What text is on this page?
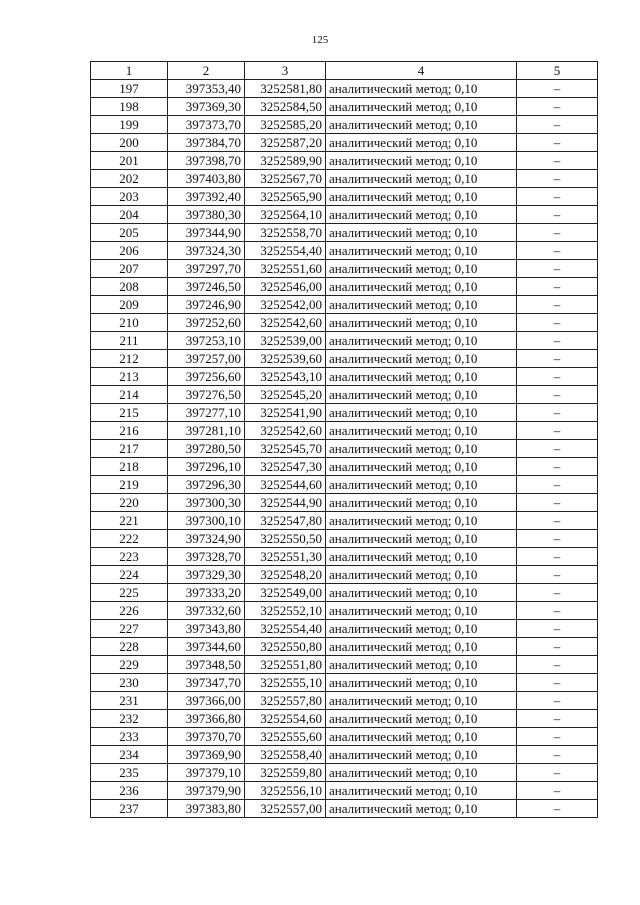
125
1	2	3	4	5
197	397353,40	3252581,80	аналитический метод; 0,10	–
198	397369,30	3252584,50	аналитический метод; 0,10	–
199	397373,70	3252585,20	аналитический метод; 0,10	–
200	397384,70	3252587,20	аналитический метод; 0,10	–
201	397398,70	3252589,90	аналитический метод; 0,10	–
202	397403,80	3252567,70	аналитический метод; 0,10	–
203	397392,40	3252565,90	аналитический метод; 0,10	–
204	397380,30	3252564,10	аналитический метод; 0,10	–
205	397344,90	3252558,70	аналитический метод; 0,10	–
206	397324,30	3252554,40	аналитический метод; 0,10	–
207	397297,70	3252551,60	аналитический метод; 0,10	–
208	397246,50	3252546,00	аналитический метод; 0,10	–
209	397246,90	3252542,00	аналитический метод; 0,10	–
210	397252,60	3252542,60	аналитический метод; 0,10	–
211	397253,10	3252539,00	аналитический метод; 0,10	–
212	397257,00	3252539,60	аналитический метод; 0,10	–
213	397256,60	3252543,10	аналитический метод; 0,10	–
214	397276,50	3252545,20	аналитический метод; 0,10	–
215	397277,10	3252541,90	аналитический метод; 0,10	–
216	397281,10	3252542,60	аналитический метод; 0,10	–
217	397280,50	3252545,70	аналитический метод; 0,10	–
218	397296,10	3252547,30	аналитический метод; 0,10	–
219	397296,30	3252544,60	аналитический метод; 0,10	–
220	397300,30	3252544,90	аналитический метод; 0,10	–
221	397300,10	3252547,80	аналитический метод; 0,10	–
222	397324,90	3252550,50	аналитический метод; 0,10	–
223	397328,70	3252551,30	аналитический метод; 0,10	–
224	397329,30	3252548,20	аналитический метод; 0,10	–
225	397333,20	3252549,00	аналитический метод; 0,10	–
226	397332,60	3252552,10	аналитический метод; 0,10	–
227	397343,80	3252554,40	аналитический метод; 0,10	–
228	397344,60	3252550,80	аналитический метод; 0,10	–
229	397348,50	3252551,80	аналитический метод; 0,10	–
230	397347,70	3252555,10	аналитический метод; 0,10	–
231	397366,00	3252557,80	аналитический метод; 0,10	–
232	397366,80	3252554,60	аналитический метод; 0,10	–
233	397370,70	3252555,60	аналитический метод; 0,10	–
234	397369,90	3252558,40	аналитический метод; 0,10	–
235	397379,10	3252559,80	аналитический метод; 0,10	–
236	397379,90	3252556,10	аналитический метод; 0,10	–
237	397383,80	3252557,00	аналитический метод; 0,10	–
